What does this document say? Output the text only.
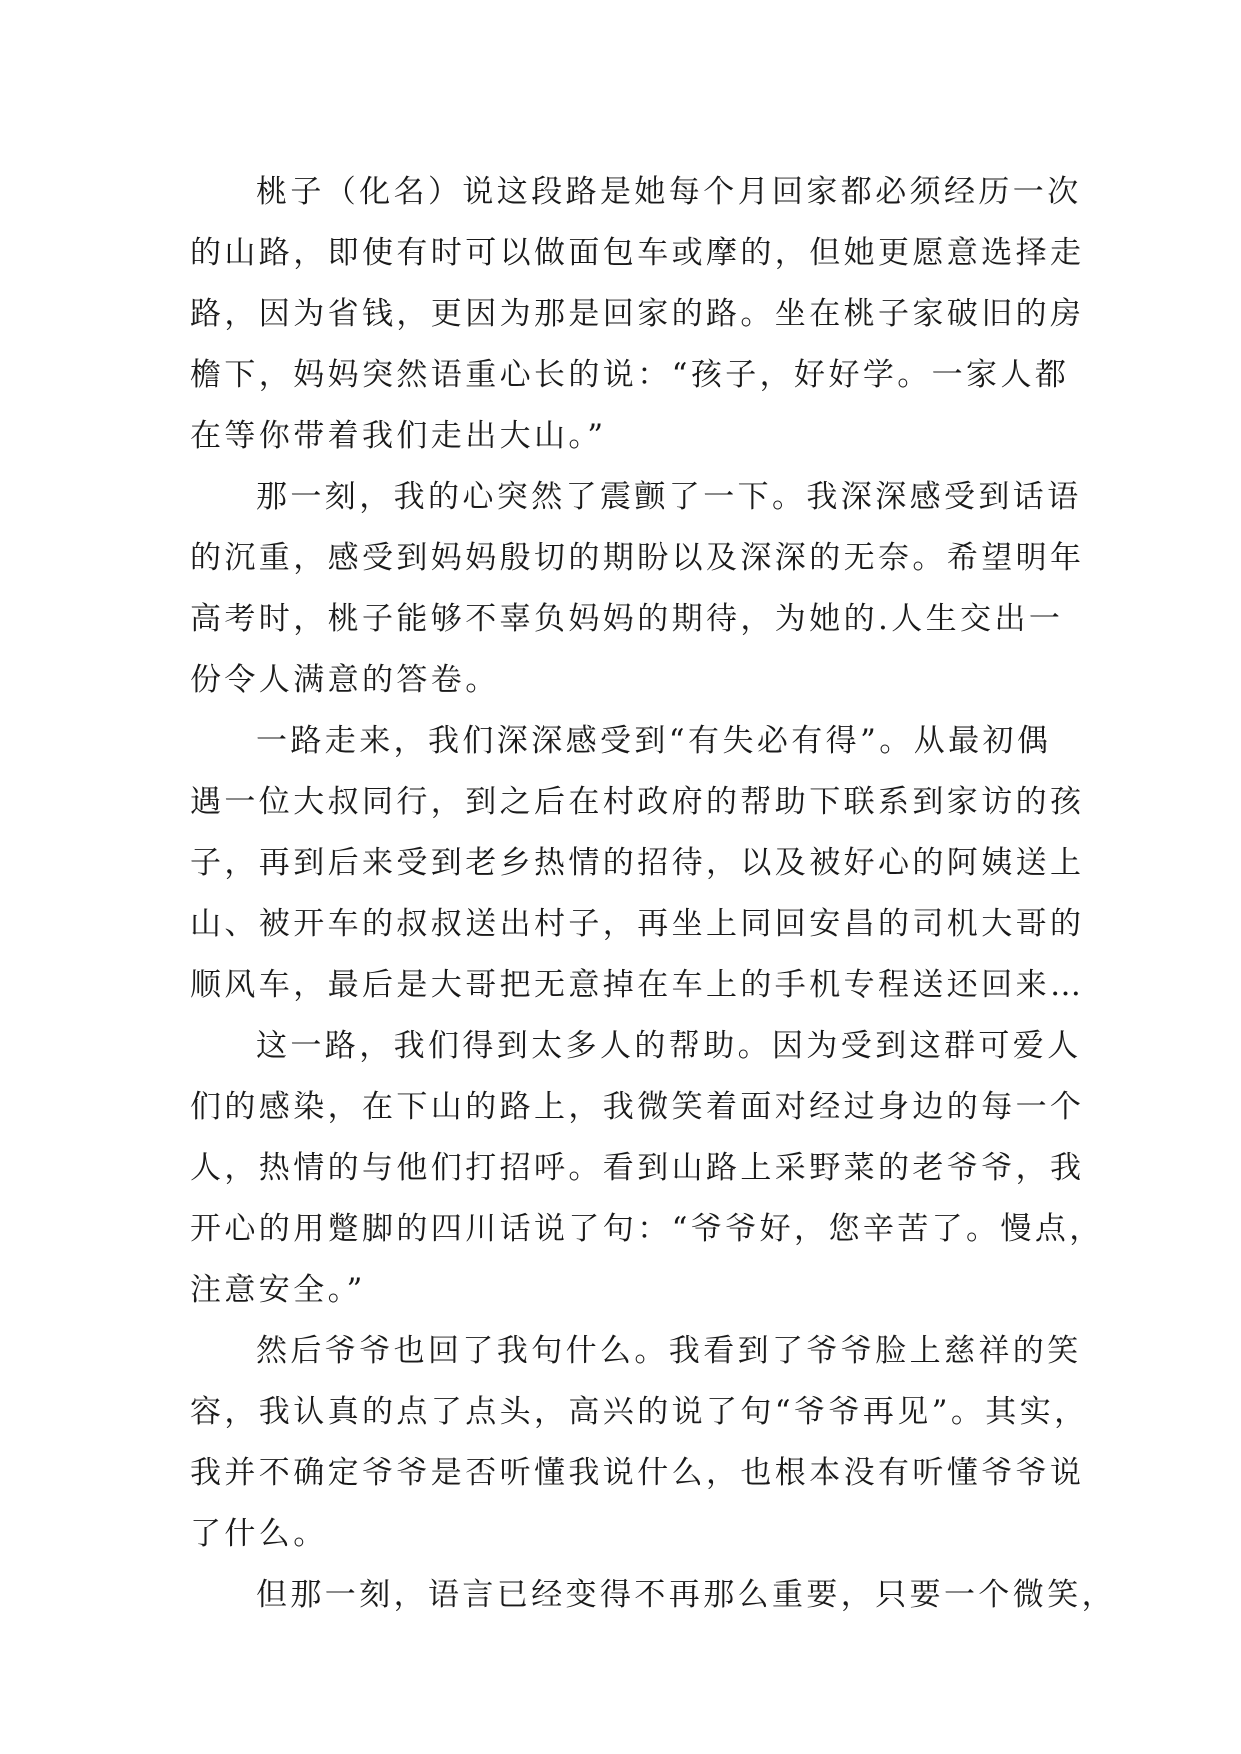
桃子（化名）说这段路是她每个月回家都必须经历一次
的山路，即使有时可以做面包车或摩的，但她更愿意选择走
路，因为省钱，更因为那是回家的路。坐在桃子家破旧的房
檐下，妈妈突然语重心长的说：“孩子，好好学。一家人都
在等你带着我们走出大山。”
那一刻，我的心突然了震颤了一下。我深深感受到话语
的沉重，感受到妈妈殷切的期盼以及深深的无奈。希望明年
高考时，桃子能够不辜负妈妈的期待，为她的.人生交出一
份令人满意的答卷。
一路走来，我们深深感受到“有失必有得”。从最初偶
遇一位大叔同行，到之后在村政府的帮助下联系到家访的孩
子，再到后来受到老乡热情的招待，以及被好心的阿姨送上
山、被开车的叔叔送出村子，再坐上同回安昌的司机大哥的
顺风车，最后是大哥把无意掉在车上的手机专程送还回来…
这一路，我们得到太多人的帮助。因为受到这群可爱人
们的感染，在下山的路上，我微笑着面对经过身边的每一个
人，热情的与他们打招呼。看到山路上采野菜的老爷爷，我
开心的用蹩脚的四川话说了句：“爷爷好，您辛苦了。慢点，
注意安全。”
然后爷爷也回了我句什么。我看到了爷爷脸上慈祥的笑
容，我认真的点了点头，高兴的说了句“爷爷再见”。其实，
我并不确定爷爷是否听懂我说什么，也根本没有听懂爷爷说
了什么。
但那一刻，语言已经变得不再那么重要，只要一个微笑，
